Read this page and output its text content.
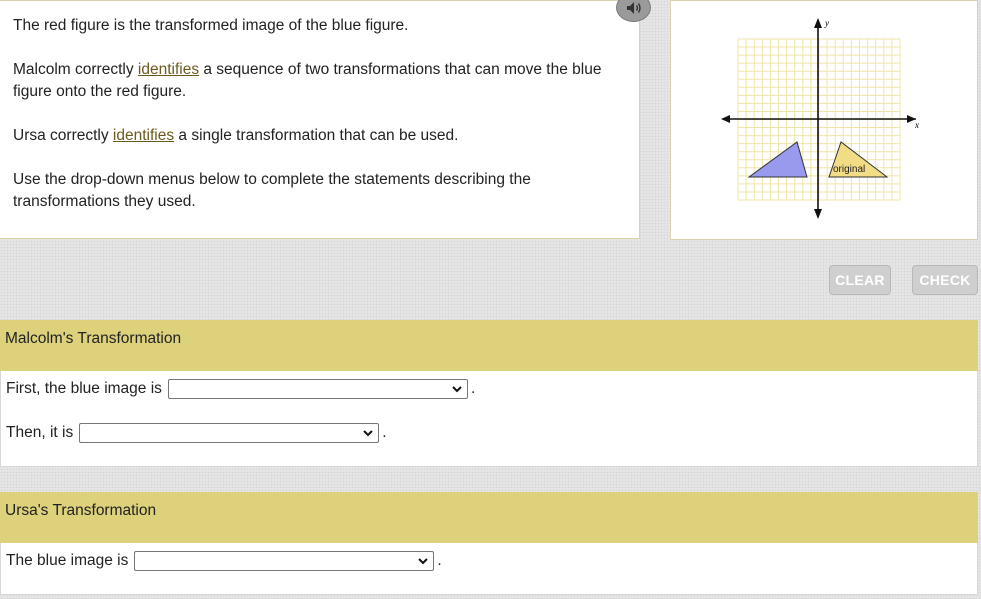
The red figure is the transformed image of the blue figure.

Malcolm correctly identifies a sequence of two transformations that can move the blue
figure onto the red figure.

Ursa correctly identifies a single transformation that can be used.

Use the drop-down menus below to complete the statements describing the
transformations they used.

x
y
original
CLEAR	CHECK
Malcolm's Transformation
First, the blue image is	.
Then, it is	.
Ursa's Transformation
The blue image is	.
